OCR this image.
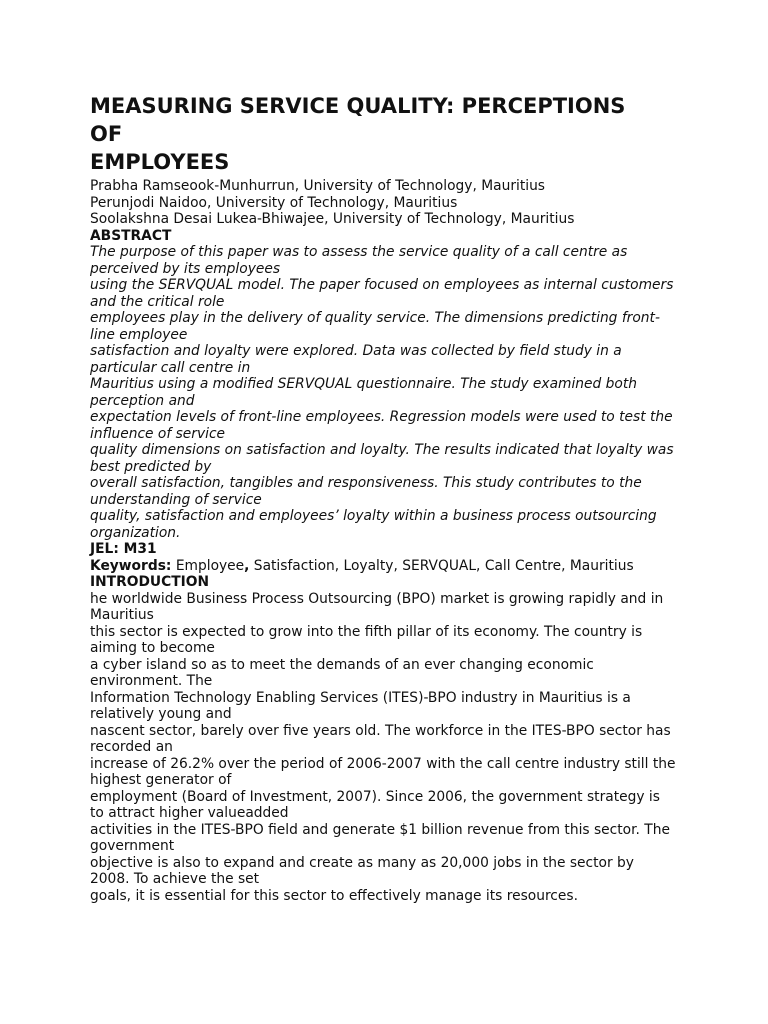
MEASURING SERVICE QUALITY: PERCEPTIONS
OF
EMPLOYEES
Prabha Ramseook-Munhurrun, University of Technology, Mauritius
Perunjodi Naidoo, University of Technology, Mauritius
Soolakshna Desai Lukea-Bhiwajee, University of Technology, Mauritius
ABSTRACT
The purpose of this paper was to assess the service quality of a call centre as
perceived by its employees
using the SERVQUAL model. The paper focused on employees as internal customers
and the critical role
employees play in the delivery of quality service. The dimensions predicting front-
line employee
satisfaction and loyalty were explored. Data was collected by field study in a
particular call centre in
Mauritius using a modified SERVQUAL questionnaire. The study examined both
perception and
expectation levels of front-line employees. Regression models were used to test the
influence of service
quality dimensions on satisfaction and loyalty. The results indicated that loyalty was
best predicted by
overall satisfaction, tangibles and responsiveness. This study contributes to the
understanding of service
quality, satisfaction and employees’ loyalty within a business process outsourcing
organization.
JEL: M31
Keywords: Employee, Satisfaction, Loyalty, SERVQUAL, Call Centre, Mauritius
INTRODUCTION
he worldwide Business Process Outsourcing (BPO) market is growing rapidly and in
Mauritius
this sector is expected to grow into the fifth pillar of its economy. The country is
aiming to become
a cyber island so as to meet the demands of an ever changing economic
environment. The
Information Technology Enabling Services (ITES)-BPO industry in Mauritius is a
relatively young and
nascent sector, barely over five years old. The workforce in the ITES-BPO sector has
recorded an
increase of 26.2% over the period of 2006-2007 with the call centre industry still the
highest generator of
employment (Board of Investment, 2007). Since 2006, the government strategy is
to attract higher valueadded
activities in the ITES-BPO field and generate $1 billion revenue from this sector. The
government
objective is also to expand and create as many as 20,000 jobs in the sector by
2008. To achieve the set
goals, it is essential for this sector to effectively manage its resources.
